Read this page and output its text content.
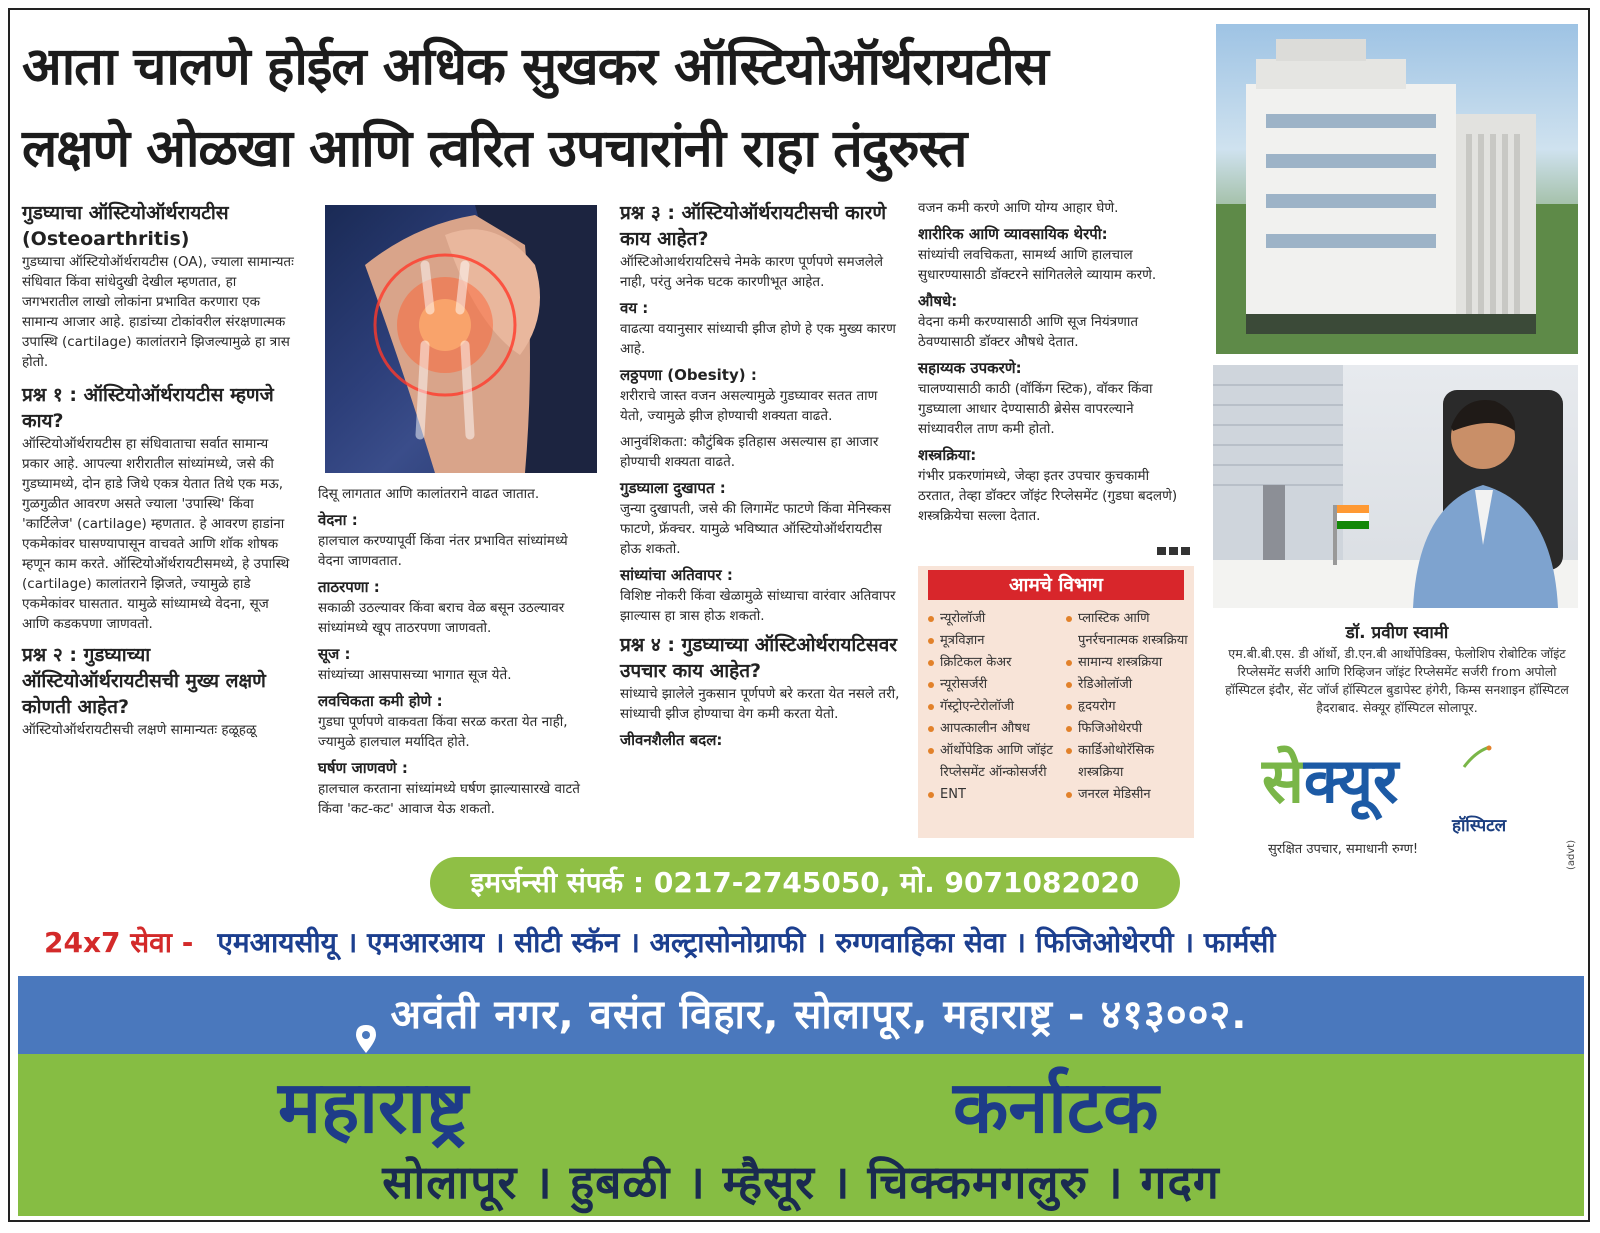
आता चालणे होईल अधिक सुखकर ऑस्टियोऑर्थरायटीस
लक्षणे ओळखा आणि त्वरित उपचारांनी राहा तंदुरुस्त
गुडघ्याचा ऑस्टियोऑर्थरायटीस (Osteoarthritis)

गुडघ्याचा ऑस्टियोऑर्थरायटीस (OA), ज्याला सामान्यतः संधिवात किंवा सांधेदुखी देखील म्हणतात, हा जगभरातील लाखो लोकांना प्रभावित करणारा एक सामान्य आजार आहे. हाडांच्या टोकांवरील संरक्षणात्मक उपास्थि (cartilage) कालांतराने झिजल्यामुळे हा त्रास होतो.

प्रश्न १ : ऑस्टियोऑर्थरायटीस म्हणजे काय?

ऑस्टियोऑर्थरायटीस हा संधिवाताचा सर्वात सामान्य प्रकार आहे. आपल्या शरीरातील सांध्यांमध्ये, जसे की गुडघ्यामध्ये, दोन हाडे जिथे एकत्र येतात तिथे एक मऊ, गुळगुळीत आवरण असते ज्याला 'उपास्थि' किंवा 'कार्टिलेज' (cartilage) म्हणतात. हे आवरण हाडांना एकमेकांवर घासण्यापासून वाचवते आणि शॉक शोषक म्हणून काम करते. ऑस्टियोऑर्थरायटीसमध्ये, हे उपास्थि (cartilage) कालांतराने झिजते, ज्यामुळे हाडे एकमेकांवर घासतात. यामुळे सांध्यामध्ये वेदना, सूज आणि कडकपणा जाणवतो.

प्रश्न २ : गुडघ्याच्या ऑस्टियोऑर्थरायटीसची मुख्य लक्षणे कोणती आहेत?

ऑस्टियोऑर्थरायटीसची लक्षणे सामान्यतः हळूहळू

दिसू लागतात आणि कालांतराने वाढत जातात.

वेदना :

हालचाल करण्यापूर्वी किंवा नंतर प्रभावित सांध्यांमध्ये वेदना जाणवतात.

ताठरपणा :

सकाळी उठल्यावर किंवा बराच वेळ बसून उठल्यावर सांध्यांमध्ये खूप ताठरपणा जाणवतो.

सूज :

सांध्यांच्या आसपासच्या भागात सूज येते.

लवचिकता कमी होणे :

गुडघा पूर्णपणे वाकवता किंवा सरळ करता येत नाही, ज्यामुळे हालचाल मर्यादित होते.

घर्षण जाणवणे :

हालचाल करताना सांध्यांमध्ये घर्षण झाल्यासारखे वाटते किंवा 'कट-कट' आवाज येऊ शकतो.

प्रश्न ३ : ऑस्टियोऑर्थरायटीसची कारणे काय आहेत?

ऑस्टिओआर्थरायटिसचे नेमके कारण पूर्णपणे समजलेले नाही, परंतु अनेक घटक कारणीभूत आहेत.

वय :

वाढत्या वयानुसार सांध्याची झीज होणे हे एक मुख्य कारण आहे.

लठ्ठपणा (Obesity) :

शरीराचे जास्त वजन असल्यामुळे गुडघ्यावर सतत ताण येतो, ज्यामुळे झीज होण्याची शक्यता वाढते.

आनुवंशिकता: कौटुंबिक इतिहास असल्यास हा आजार होण्याची शक्यता वाढते.

गुडघ्याला दुखापत :

जुन्या दुखापती, जसे की लिगामेंट फाटणे किंवा मेनिस्कस फाटणे, फ्रॅक्चर. यामुळे भविष्यात ऑस्टियोऑर्थरायटीस होऊ शकतो.

सांध्यांचा अतिवापर :

विशिष्ट नोकरी किंवा खेळामुळे सांध्याचा वारंवार अतिवापर झाल्यास हा त्रास होऊ शकतो.

प्रश्न ४ : गुडघ्याच्या ऑस्टिओर्थरायटिसवर उपचार काय आहेत?

सांध्याचे झालेले नुकसान पूर्णपणे बरे करता येत नसले तरी, सांध्याची झीज होण्याचा वेग कमी करता येतो.

जीवनशैलीत बदल:

वजन कमी करणे आणि योग्य आहार घेणे.

शारीरिक आणि व्यावसायिक थेरपी:

सांध्यांची लवचिकता, सामर्थ्य आणि हालचाल सुधारण्यासाठी डॉक्टरने सांगितलेले व्यायाम करणे.

औषधे:

वेदना कमी करण्यासाठी आणि सूज नियंत्रणात ठेवण्यासाठी डॉक्टर औषधे देतात.

सहाय्यक उपकरणे:

चालण्यासाठी काठी (वॉकिंग स्टिक), वॉकर किंवा गुडघ्याला आधार देण्यासाठी ब्रेसेस वापरल्याने सांध्यावरील ताण कमी होतो.

शस्त्रक्रिया:

गंभीर प्रकरणांमध्ये, जेव्हा इतर उपचार कुचकामी ठरतात, तेव्हा डॉक्टर जॉइंट रिप्लेसमेंट (गुडघा बदलणे) शस्त्रक्रियेचा सल्ला देतात.

आमचे विभाग
न्यूरोलॉजी
मूत्रविज्ञान
क्रिटिकल केअर
न्यूरोसर्जरी
गॅस्ट्रोएन्टेरोलॉजी
आपत्कालीन औषध
ऑर्थोपेडिक आणि जॉइंट रिप्लेसमेंट ऑन्कोसर्जरी
ENT
प्लास्टिक आणि पुनर्रचनात्मक शस्त्रक्रिया
सामान्य शस्त्रक्रिया
रेडिओलॉजी
हृदयरोग
फिजिओथेरपी
कार्डिओथोरॅसिक शस्त्रक्रिया
जनरल मेडिसीन
डॉ. प्रवीण स्वामी
एम.बी.बी.एस. डी ऑर्थो, डी.एन.बी आर्थोपेडिक्स, फेलोशिप रोबोटिक जॉइंट रिप्लेसमेंट सर्जरी आणि रिव्हिजन जॉइंट रिप्लेसमेंट सर्जरी from अपोलो हॉस्पिटल इंदौर, सेंट जॉर्ज हॉस्पिटल बुडापेस्ट हंगेरी, किम्स सनशाइन हॉस्पिटल हैदराबाद. सेक्यूर हॉस्पिटल सोलापूर.
सेक्यूर
हॉस्पिटल
सुरक्षित उपचार, समाधानी रुग्ण!	(advt)
इमर्जन्सी संपर्क : 0217-2745050, मो. 9071082020
24x7 सेवा - एमआयसीयू । एमआरआय । सीटी स्कॅन । अल्ट्रासोनोग्राफी । रुग्णवाहिका सेवा । फिजिओथेरपी । फार्मसी
अवंती नगर, वसंत विहार, सोलापूर, महाराष्ट्र - ४१३००२.
महाराष्ट्र	कर्नाटक
सोलापूर । हुबळी । म्हैसूर । चिक्कमगलुरु । गदग
